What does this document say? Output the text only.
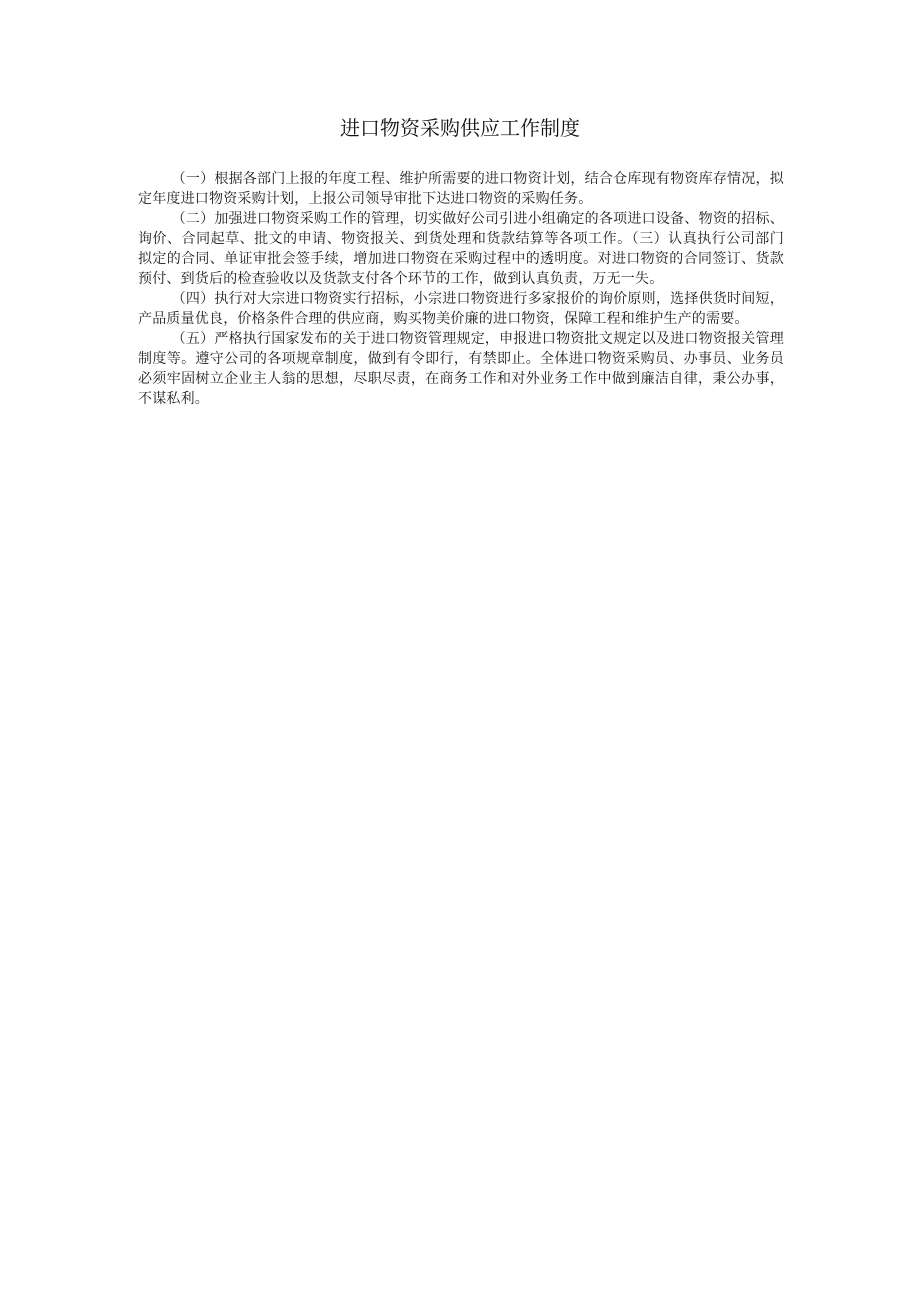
进口物资采购供应工作制度

（一）根据各部门上报的年度工程、维护所需要的进口物资计划，结合仓库现有物资库存情况，拟定年度进口物资采购计划，上报公司领导审批下达进口物资的采购任务。

（二）加强进口物资采购工作的管理，切实做好公司引进小组确定的各项进口设备、物资的招标、询价、合同起草、批文的申请、物资报关、到货处理和货款结算等各项工作。（三）认真执行公司部门拟定的合同、单证审批会签手续，增加进口物资在采购过程中的透明度。对进口物资的合同签订、货款预付、到货后的检查验收以及货款支付各个环节的工作，做到认真负责，万无一失。

（四）执行对大宗进口物资实行招标，小宗进口物资进行多家报价的询价原则，选择供货时间短，产品质量优良，价格条件合理的供应商，购买物美价廉的进口物资，保障工程和维护生产的需要。

（五）严格执行国家发布的关于进口物资管理规定，申报进口物资批文规定以及进口物资报关管理制度等。遵守公司的各项规章制度，做到有令即行，有禁即止。全体进口物资采购员、办事员、业务员必须牢固树立企业主人翁的思想，尽职尽责，在商务工作和对外业务工作中做到廉洁自律，秉公办事，不谋私利。
